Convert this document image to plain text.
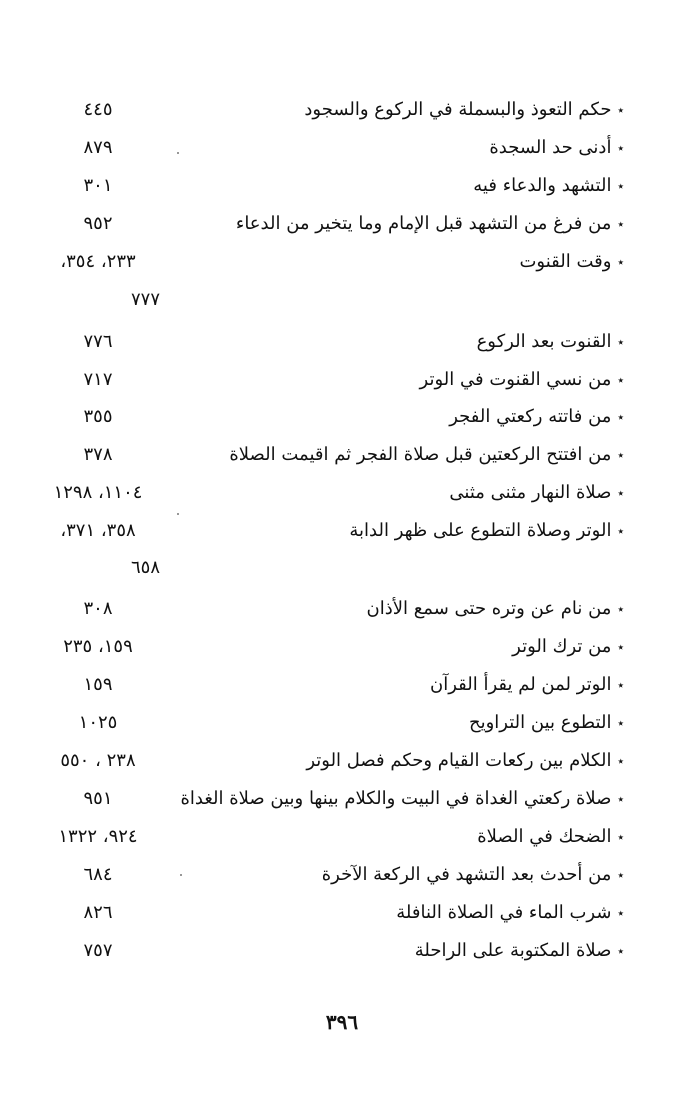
٭حكم التعوذ والبسملة في الركوع والسجود
٤٤٥
٭أدنى حد السجدة
٨٧٩
٭التشهد والدعاء فيه
٣٠١
٭من فرغ من التشهد قبل الإمام وما يتخير من الدعاء
٩٥٢
٭وقت القنوت
٢٣٣، ٣٥٤،
٧٧٧
٭القنوت بعد الركوع
٧٧٦
٭من نسي القنوت في الوتر
٧١٧
٭من فاتته ركعتي الفجر
٣٥٥
٭من افتتح الركعتين قبل صلاة الفجر ثم اقيمت الصلاة
٣٧٨
٭صلاة النهار مثنى مثنى
١١٠٤، ١٢٩٨
٭الوتر وصلاة التطوع على ظهر الدابة
٣٥٨، ٣٧١،
٦٥٨
٭من نام عن وتره حتى سمع الأذان
٣٠٨
٭من ترك الوتر
١٥٩، ٢٣٥
٭الوتر لمن لم يقرأ القرآن
١٥٩
٭التطوع بين التراويح
١٠٢٥
٭الكلام بين ركعات القيام وحكم فصل الوتر
٢٣٨ ، ٥٥٠
٭صلاة ركعتي الغداة في البيت والكلام بينها وبين صلاة الغداة
٩٥١
٭الضحك في الصلاة
٩٢٤، ١٣٢٢
٭من أحدث بعد التشهد في الركعة الآخرة
٦٨٤
٭شرب الماء في الصلاة النافلة
٨٢٦
٭صلاة المكتوبة على الراحلة
٧٥٧
٣٩٦
